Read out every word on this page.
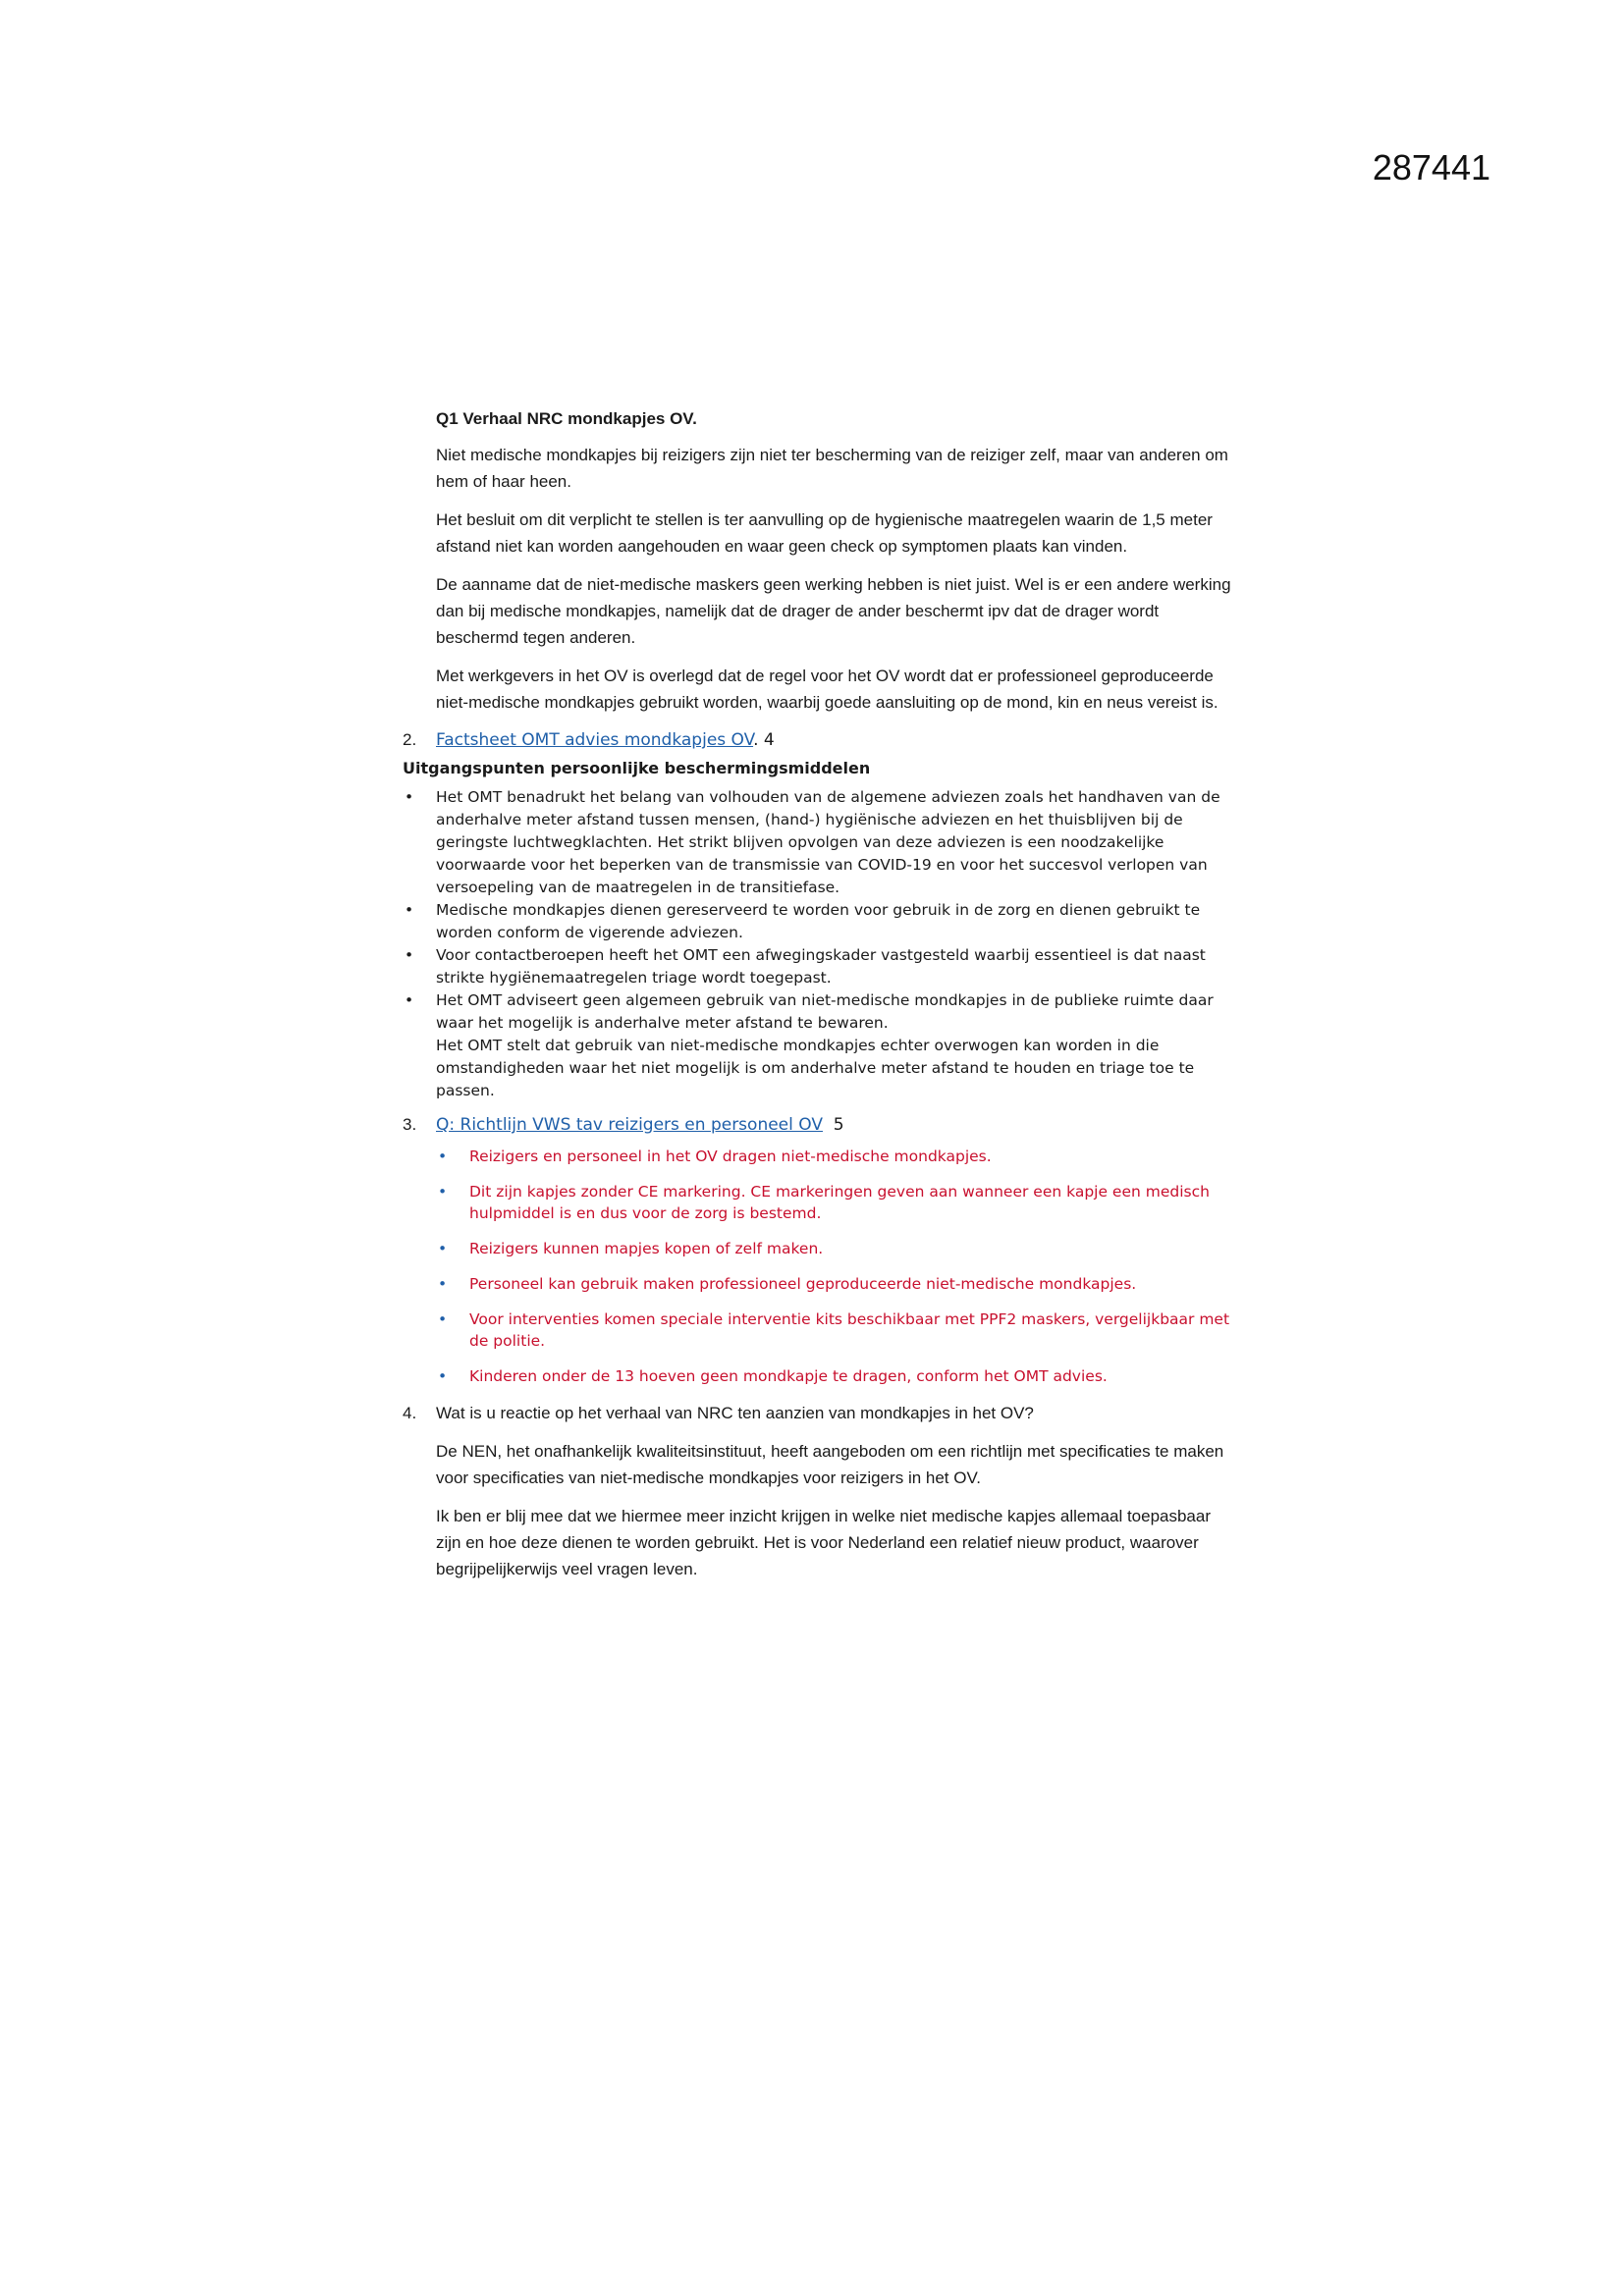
287441
Q1 Verhaal NRC mondkapjes OV.
Niet medische mondkapjes bij reizigers zijn niet ter bescherming van de reiziger zelf, maar van anderen om hem of haar heen.
Het besluit om dit verplicht te stellen is ter aanvulling op de hygienische maatregelen waarin de 1,5 meter afstand niet kan worden aangehouden en waar geen check op symptomen plaats kan vinden.
De aanname dat de niet-medische maskers geen werking hebben is niet juist. Wel is er een andere werking dan bij medische mondkapjes, namelijk dat de drager de ander beschermt ipv dat de drager wordt beschermd tegen anderen.
Met werkgevers in het OV is overlegd dat de regel voor het OV wordt dat er professioneel geproduceerde niet-medische mondkapjes gebruikt worden, waarbij goede aansluiting op de mond, kin en neus vereist is.
2.	Factsheet OMT advies mondkapjes OV. 4
Uitgangspunten persoonlijke beschermingsmiddelen
• Het OMT benadrukt het belang van volhouden van de algemene adviezen zoals het handhaven van de anderhalve meter afstand tussen mensen, (hand-) hygiënische adviezen en het thuisblijven bij de geringste luchtwegklachten. Het strikt blijven opvolgen van deze adviezen is een noodzakelijke voorwaarde voor het beperken van de transmissie van COVID-19 en voor het succesvol verlopen van versoepeling van de maatregelen in de transitiefase.
• Medische mondkapjes dienen gereserveerd te worden voor gebruik in de zorg en dienen gebruikt te worden conform de vigerende adviezen.
• Voor contactberoepen heeft het OMT een afwegingskader vastgesteld waarbij essentieel is dat naast strikte hygiënemaatregelen triage wordt toegepast.
• Het OMT adviseert geen algemeen gebruik van niet-medische mondkapjes in de publieke ruimte daar waar het mogelijk is anderhalve meter afstand te bewaren.
Het OMT stelt dat gebruik van niet-medische mondkapjes echter overwogen kan worden in die omstandigheden waar het niet mogelijk is om anderhalve meter afstand te houden en triage toe te passen.
3.	Q: Richtlijn VWS tav reizigers en personeel OV  5
• Reizigers en personeel in het OV dragen niet-medische mondkapjes.
• Dit zijn kapjes zonder CE markering. CE markeringen geven aan wanneer een kapje een medisch hulpmiddel is en dus voor de zorg is bestemd.
• Reizigers kunnen mapjes kopen of zelf maken.
• Personeel kan gebruik maken professioneel geproduceerde niet-medische mondkapjes.
• Voor interventies komen speciale interventie kits beschikbaar met PPF2 maskers, vergelijkbaar met de politie.
• Kinderen onder de 13 hoeven geen mondkapje te dragen, conform het OMT advies.
4.	Wat is u reactie op het verhaal van NRC ten aanzien van mondkapjes in het OV?
De NEN, het onafhankelijk kwaliteitsinstituut, heeft aangeboden om een richtlijn met specificaties te maken voor specificaties van niet-medische mondkapjes voor reizigers in het OV.
Ik ben er blij mee dat we hiermee meer inzicht krijgen in welke niet medische kapjes allemaal toepasbaar zijn en hoe deze dienen te worden gebruikt. Het is voor Nederland een relatief nieuw product, waarover begrijpelijkerwijs veel vragen leven.
